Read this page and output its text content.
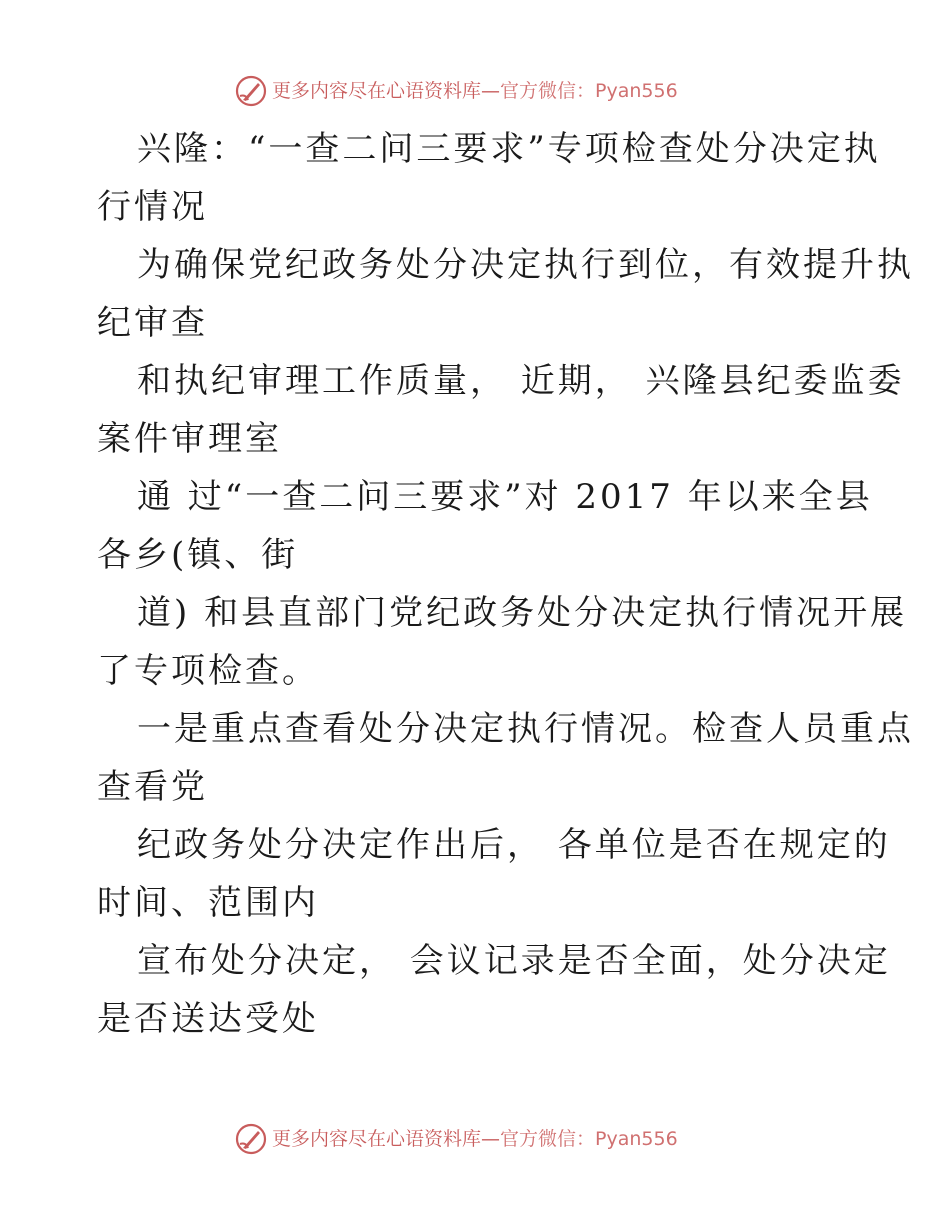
更多内容尽在心语资料库—官方微信：Pyan556
兴隆：“一查二问三要求”专项检查处分决定执
行情况
为确保党纪政务处分决定执行到位，有效提升执
纪审查
和执纪审理工作质量， 近期， 兴隆县纪委监委
案件审理室
通 过“一查二问三要求”对 2017 年以来全县
各乡(镇、街
道) 和县直部门党纪政务处分决定执行情况开展
了专项检查。
一是重点查看处分决定执行情况。检查人员重点
查看党
纪政务处分决定作出后， 各单位是否在规定的
时间、范围内
宣布处分决定， 会议记录是否全面，处分决定
是否送达受处
更多内容尽在心语资料库—官方微信：Pyan556
